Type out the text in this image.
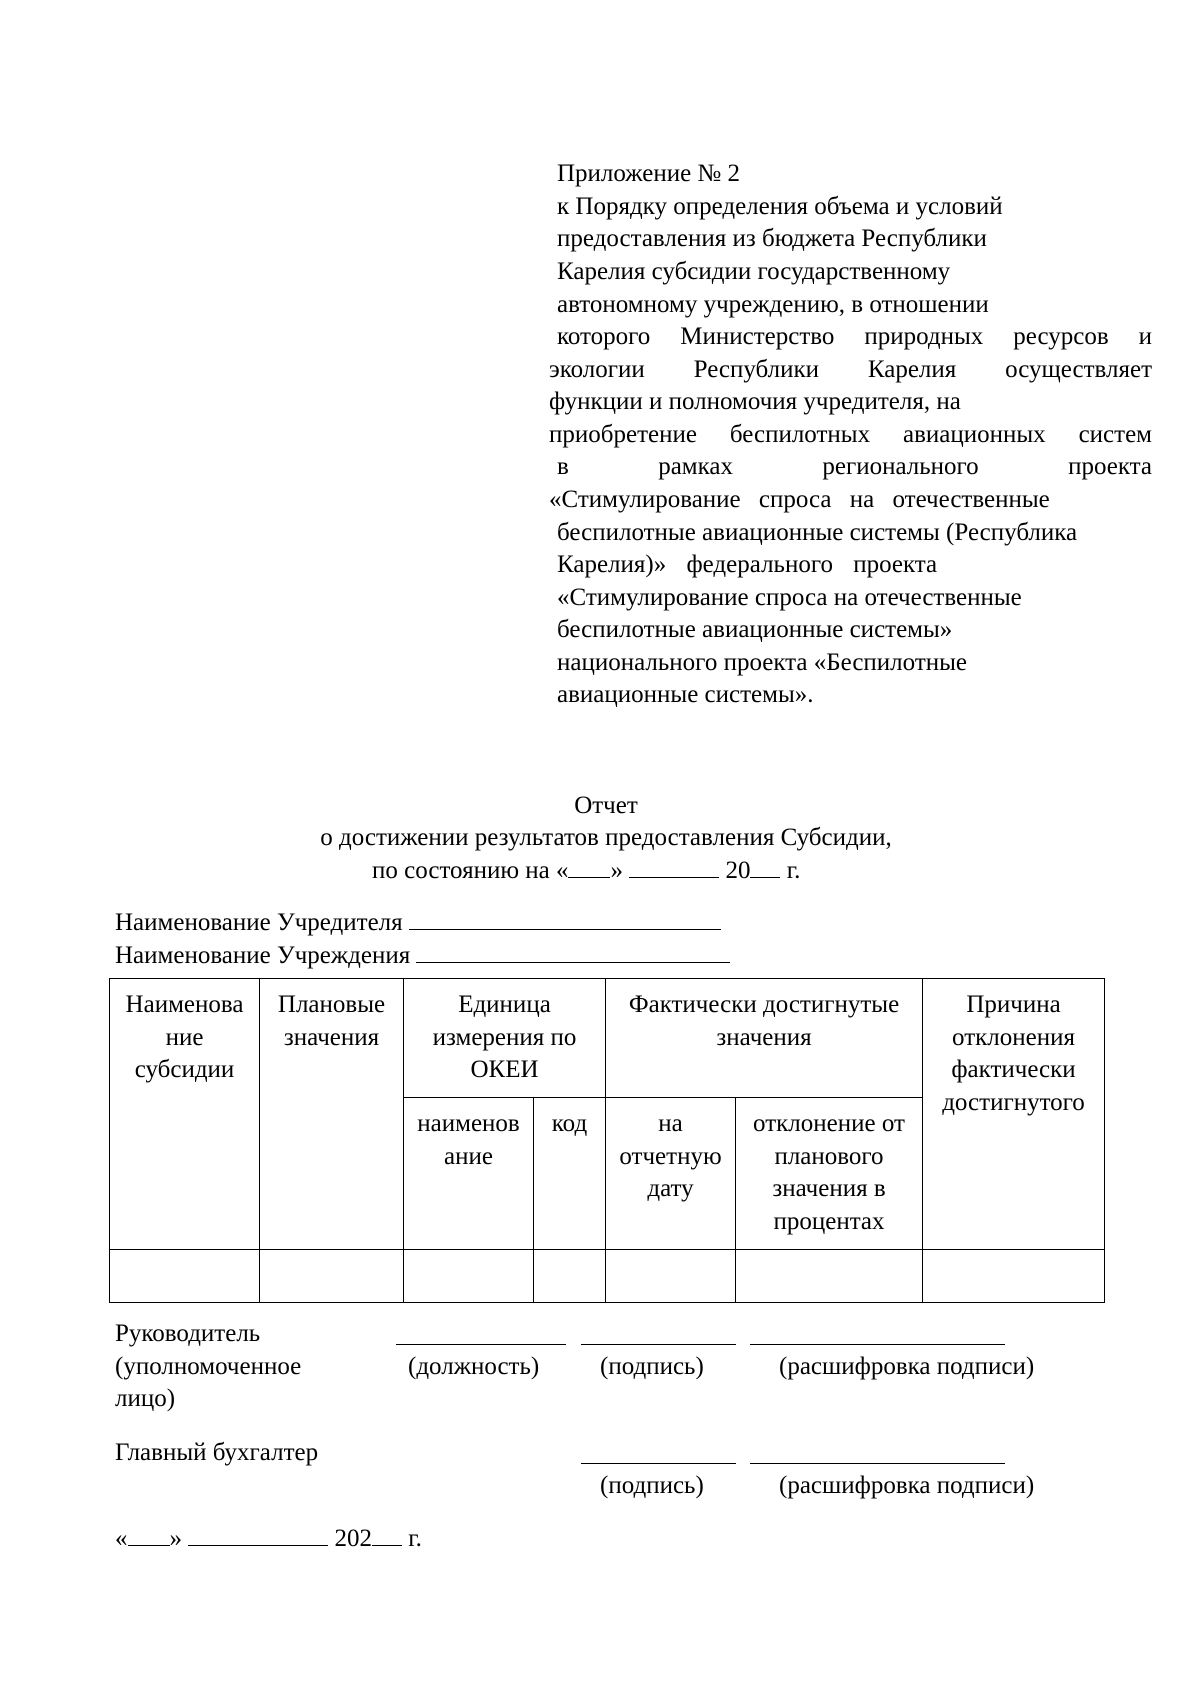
Приложение № 2
к Порядку определения объема и условий
предоставления из бюджета Республики
Карелия субсидии государственному
автономному учреждению, в отношении
которого Министерство природных ресурсов и
экологии Республики Карелия осуществляет
функции и полномочия учредителя, на
приобретение беспилотных авиационных систем
в рамках регионального проекта
«Стимулирование спроса на отечественные
беспилотные авиационные системы (Республика
Карелия)» федерального проекта
«Стимулирование спроса на отечественные
беспилотные авиационные системы»
национального проекта «Беспилотные
авиационные системы».
Отчет
о достижении результатов предоставления Субсидии,
по состоянию на « »	20 г.
Наименование Учредителя
Наименование Учреждения
Наименова ние субсидии	Плановые значения	Единица измерения по ОКЕИ		Фактически достигнутые значения		Причина отклонения фактически достигнутого
		наименов ание	код	на отчетную дату	отклонение от планового значения в процентах	

Руководитель
(уполномоченное
лицо)
(должность) (подпись)	(расшифровка подписи)
Главный бухгалтер
(подпись)	(расшифровка подписи)
« »	202 г.
